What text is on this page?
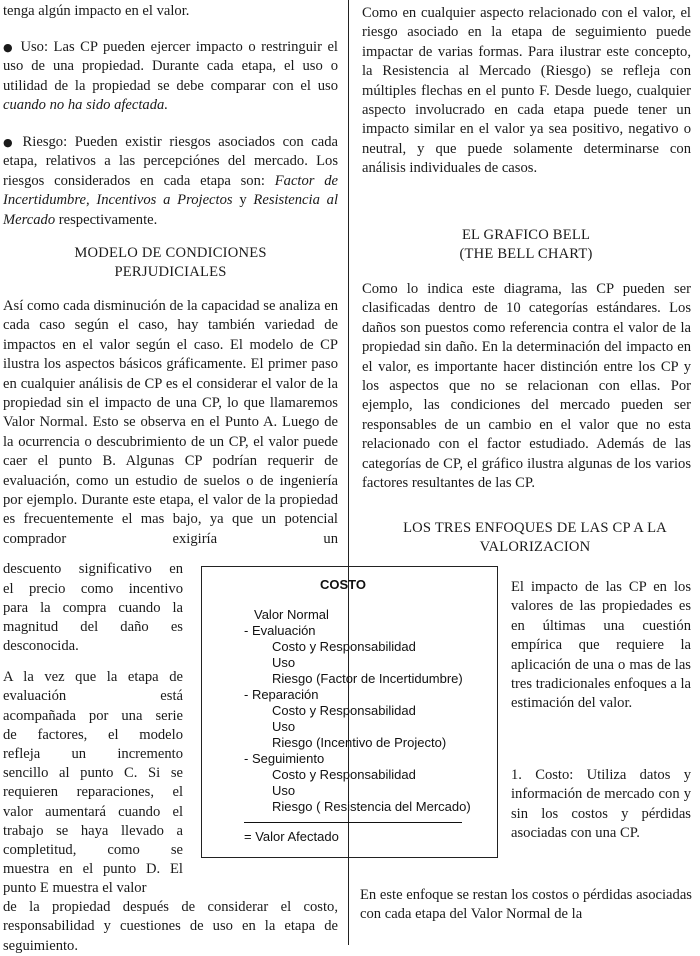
tenga algún impacto en el valor.

● Uso: Las CP pueden ejercer impacto o restringuir el uso de una propiedad. Durante cada etapa, el uso o utilidad de la propiedad se debe comparar con el uso cuando no ha sido afectada.

● Riesgo: Pueden existir riesgos asociados con cada etapa, relativos a las percepciónes del mercado. Los riesgos considerados en cada etapa son: Factor de Incertidumbre, Incentivos a Projectos y Resistencia al Mercado respectivamente.

MODELO DE CONDICIONES
PERJUDICIALES

Así como cada disminución de la capacidad se analiza en cada caso según el caso, hay también variedad de impactos en el valor según el caso. El modelo de CP ilustra los aspectos básicos gráficamente. El primer paso en cualquier análisis de CP es el considerar el valor de la propiedad sin el impacto de una CP, lo que llamaremos Valor Normal. Esto se observa en el Punto A. Luego de la ocurrencia o descubrimiento de un CP, el valor puede caer el punto B. Algunas CP podrían requerir de evaluación, como un estudio de suelos o de ingeniería por ejemplo. Durante este etapa, el valor de la propiedad es frecuentemente el mas bajo, ya que un potencial comprador exigiría un

descuento significativo en
el precio como incentivo
para la compra cuando la
magnitud del daño es
desconocida.
A la vez que la etapa de
evaluación está
acompañada por una serie
de factores, el modelo
refleja un incremento
sencillo al punto C. Si se
requieren reparaciones, el
valor aumentará cuando el
trabajo se haya llevado a
completitud, como se
muestra en el punto D. El
punto E muestra el valor

de la propiedad después de considerar el costo, responsabilidad y cuestiones de uso en la etapa de seguimiento.

COSTO
Valor Normal
- Evaluación
Costo y Responsabilidad
Uso
Riesgo (Factor de Incertidumbre)
- Reparación
Costo y Responsabilidad
Uso
Riesgo (Incentivo de Projecto)
- Seguimiento
Costo y Responsabilidad
Uso
Riesgo ( Resistencia del Mercado)
= Valor Afectado

Como en cualquier aspecto relacionado con el valor, el riesgo asociado en la etapa de seguimiento puede impactar de varias formas. Para ilustrar este concepto, la Resistencia al Mercado (Riesgo) se refleja con múltiples flechas en el punto F. Desde luego, cualquier aspecto involucrado en cada etapa puede tener un impacto similar en el valor ya sea positivo, negativo o neutral, y que puede solamente determinarse con análisis individuales de casos.

EL GRAFICO BELL
(THE BELL CHART)

Como lo indica este diagrama, las CP pueden ser clasificadas dentro de 10 categorías estándares. Los daños son puestos como referencia contra el valor de la propiedad sin daño. En la determinación del impacto en el valor, es importante hacer distinción entre los CP y los aspectos que no se relacionan con ellas. Por ejemplo, las condiciones del mercado pueden ser responsables de un cambio en el valor que no esta relacionado con el factor estudiado. Además de las categorías de CP, el gráfico ilustra algunas de los varios factores resultantes de las CP.

LOS TRES ENFOQUES DE LAS CP A LA
VALORIZACION

El impacto de las CP en los valores de las propiedades es en últimas una cuestión empírica que requiere la aplicación de una o mas de las tres tradicionales enfoques a la estimación del valor.

1. Costo: Utiliza datos y información de mercado con y sin los costos y pérdidas asociadas con una CP.

En este enfoque se restan los costos o pérdidas asociadas con cada etapa del Valor Normal de la
